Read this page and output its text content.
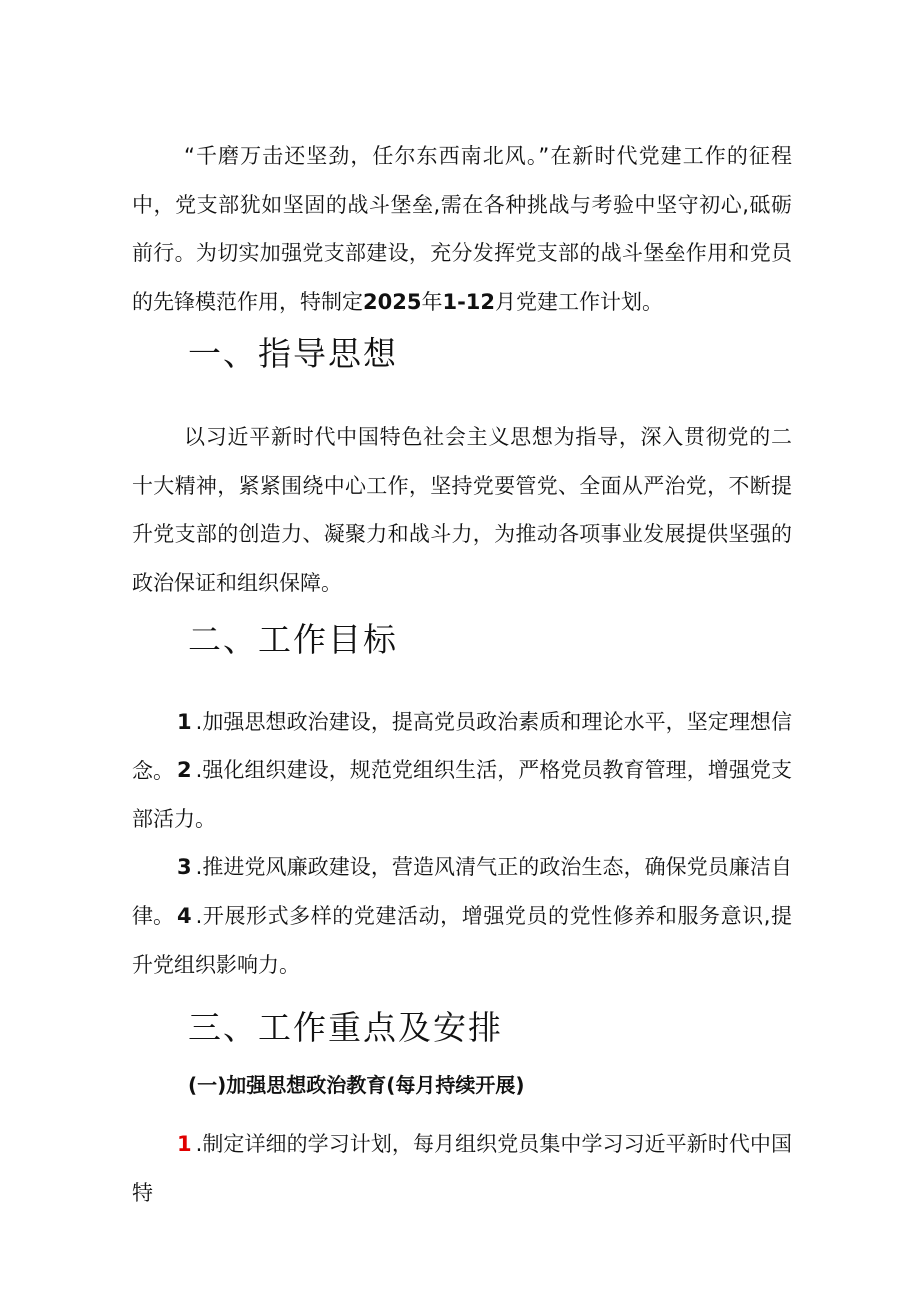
“千磨万击还坚劲，任尔东西南北风。”在新时代党建工作的征程中，党支部犹如坚固的战斗堡垒,需在各种挑战与考验中坚守初心,砥砺前行。为切实加强党支部建设，充分发挥党支部的战斗堡垒作用和党员的先锋模范作用，特制定2025年1-12月党建工作计划。

一、指导思想

以习近平新时代中国特色社会主义思想为指导，深入贯彻党的二十大精神，紧紧围绕中心工作，坚持党要管党、全面从严治党，不断提升党支部的创造力、凝聚力和战斗力，为推动各项事业发展提供坚强的政治保证和组织保障。

二、工作目标

1 .加强思想政治建设，提高党员政治素质和理论水平，坚定理想信念。 2 .强化组织建设，规范党组织生活，严格党员教育管理，增强党支部活力。

3 .推进党风廉政建设，营造风清气正的政治生态，确保党员廉洁自律。 4 .开展形式多样的党建活动，增强党员的党性修养和服务意识,提升党组织影响力。

三、工作重点及安排
(一)加强思想政治教育(每月持续开展)

1 .制定详细的学习计划，每月组织党员集中学习习近平新时代中国特
